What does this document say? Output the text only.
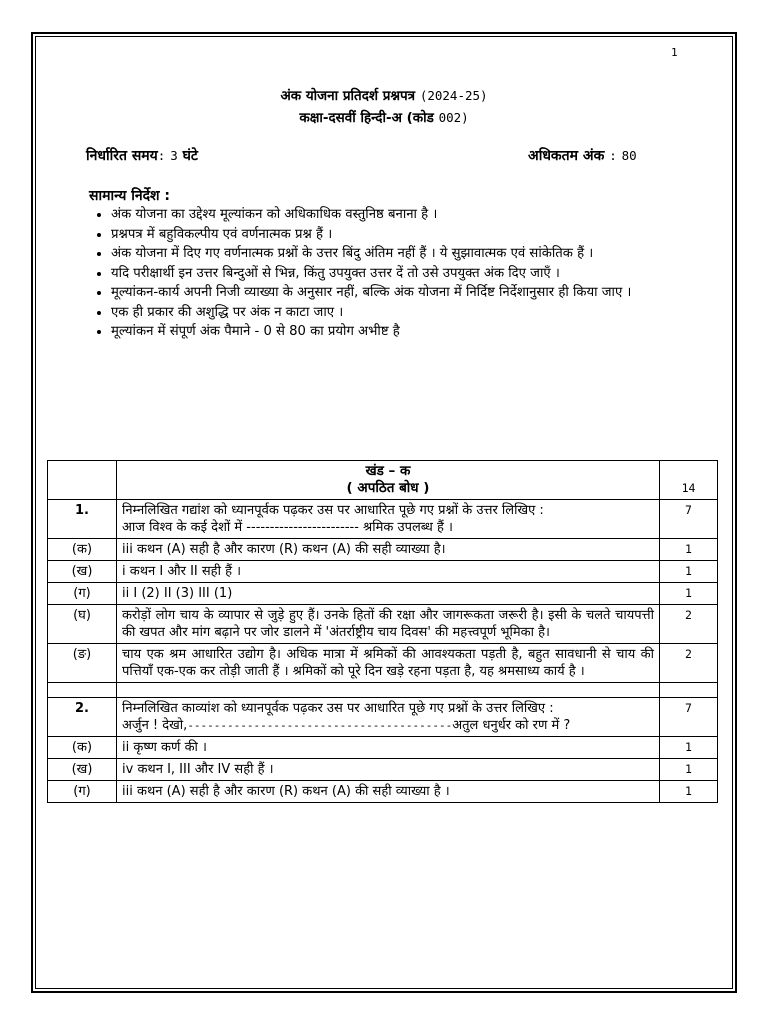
1
अंक योजना प्रतिदर्श प्रश्नपत्र (2024-25)
कक्षा-दसवीं हिन्दी-अ (कोड 002)
निर्धारित समय: 3 घंटे	अधिकतम अंक : 80
सामान्य निर्देश :
• अंक योजना का उद्देश्य मूल्यांकन को अधिकाधिक वस्तुनिष्ठ बनाना है ।
• प्रश्नपत्र में बहुविकल्पीय एवं वर्णनात्मक प्रश्न हैं ।
• अंक योजना में दिए गए वर्णनात्मक प्रश्नों के उत्तर बिंदु अंतिम नहीं हैं । ये सुझावात्मक एवं सांकेतिक हैं ।
• यदि परीक्षार्थी इन उत्तर बिन्दुओं से भिन्न, किंतु उपयुक्त उत्तर दें तो उसे उपयुक्त अंक दिए जाएँ ।
• मूल्यांकन-कार्य अपनी निजी व्याख्या के अनुसार नहीं, बल्कि अंक योजना में निर्दिष्ट निर्देशानुसार ही किया जाए ।
• एक ही प्रकार की अशुद्धि पर अंक न काटा जाए ।
• मूल्यांकन में संपूर्ण अंक पैमाने - 0 से 80 का प्रयोग अभीष्ट है

	खंड – क
( अपठित बोध )	14
1.	निम्नलिखित गद्यांश को ध्यानपूर्वक पढ़कर उस पर आधारित पूछे गए प्रश्नों के उत्तर लिखिए :
आज विश्व के कई देशों में ------------------------ श्रमिक उपलब्ध हैं ।	7
(क)	iii कथन (A) सही है और कारण (R) कथन (A) की सही व्याख्या है।	1
(ख)	i कथन I और II सही हैं ।	1
(ग)	ii I (2) II (3) III (1)	1
(घ)	करोड़ों लोग चाय के व्यापार से जुड़े हुए हैं। उनके हितों की रक्षा और जागरूकता जरूरी है। इसी के चलते चायपत्ती की खपत और मांग बढ़ाने पर जोर डालने में 'अंतर्राष्ट्रीय चाय दिवस' की महत्त्वपूर्ण भूमिका है।	2
(ङ)	चाय एक श्रम आधारित उद्योग है। अधिक मात्रा में श्रमिकों की आवश्यकता पड़ती है, बहुत सावधानी से चाय की पत्तियाँ एक-एक कर तोड़ी जाती हैं । श्रमिकों को पूरे दिन खड़े रहना पड़ता है, यह श्रमसाध्य कार्य है ।	2

2.	निम्नलिखित काव्यांश को ध्यानपूर्वक पढ़कर उस पर आधारित पूछे गए प्रश्नों के उत्तर लिखिए :
अर्जुन ! देखो,----------------------------------------अतुल धनुर्धर को रण में ?	7
(क)	ii कृष्ण कर्ण की ।	1
(ख)	iv कथन I, III और IV सही हैं ।	1
(ग)	iii कथन (A) सही है और कारण (R) कथन (A) की सही व्याख्या है ।	1
